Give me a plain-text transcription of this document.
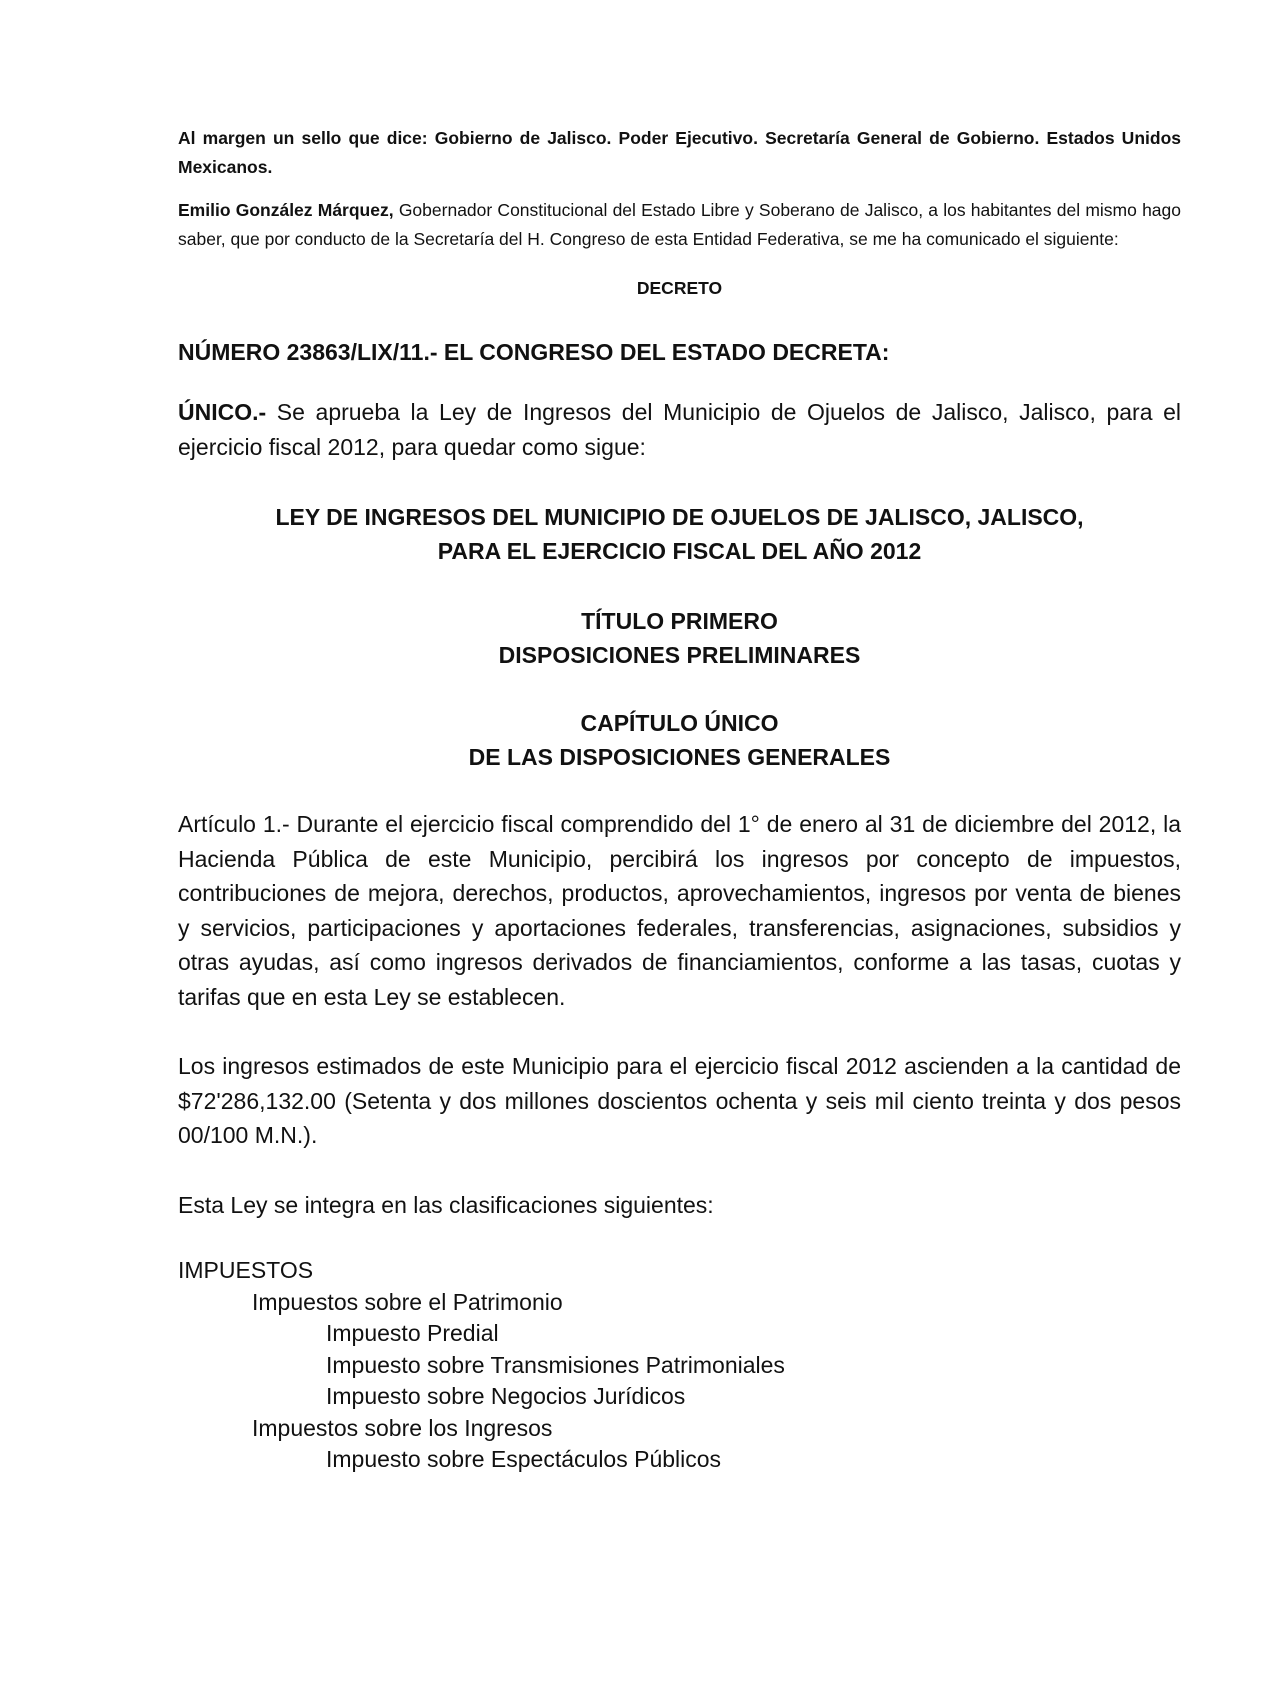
Al margen un sello que dice: Gobierno de Jalisco. Poder Ejecutivo. Secretaría General de Gobierno. Estados Unidos Mexicanos.

Emilio González Márquez, Gobernador Constitucional del Estado Libre y Soberano de Jalisco, a los habitantes del mismo hago saber, que por conducto de la Secretaría del H. Congreso de esta Entidad Federativa, se me ha comunicado el siguiente:

DECRETO

NÚMERO 23863/LIX/11.- EL CONGRESO DEL ESTADO DECRETA:

ÚNICO.- Se aprueba la Ley de Ingresos del Municipio de Ojuelos de Jalisco, Jalisco, para el ejercicio fiscal 2012, para quedar como sigue:

LEY DE INGRESOS DEL MUNICIPIO DE OJUELOS DE JALISCO, JALISCO,
PARA EL EJERCICIO FISCAL DEL AÑO 2012

TÍTULO PRIMERO
DISPOSICIONES PRELIMINARES

CAPÍTULO ÚNICO
DE LAS DISPOSICIONES GENERALES

Artículo 1.- Durante el ejercicio fiscal comprendido del 1° de enero al 31 de diciembre del 2012, la Hacienda Pública de este Municipio, percibirá los ingresos por concepto de impuestos, contribuciones de mejora, derechos, productos, aprovechamientos, ingresos por venta de bienes y servicios, participaciones y aportaciones federales, transferencias, asignaciones, subsidios y otras ayudas, así como ingresos derivados de financiamientos, conforme a las tasas, cuotas y tarifas que en esta Ley se establecen.

Los ingresos estimados de este Municipio para el ejercicio fiscal 2012 ascienden a la cantidad de $72'286,132.00 (Setenta y dos millones doscientos ochenta y seis mil ciento treinta y dos pesos 00/100 M.N.).

Esta Ley se integra en las clasificaciones siguientes:

IMPUESTOS

Impuestos sobre el Patrimonio

Impuesto Predial

Impuesto sobre Transmisiones Patrimoniales

Impuesto sobre Negocios Jurídicos

Impuestos sobre los Ingresos

Impuesto sobre Espectáculos Públicos
